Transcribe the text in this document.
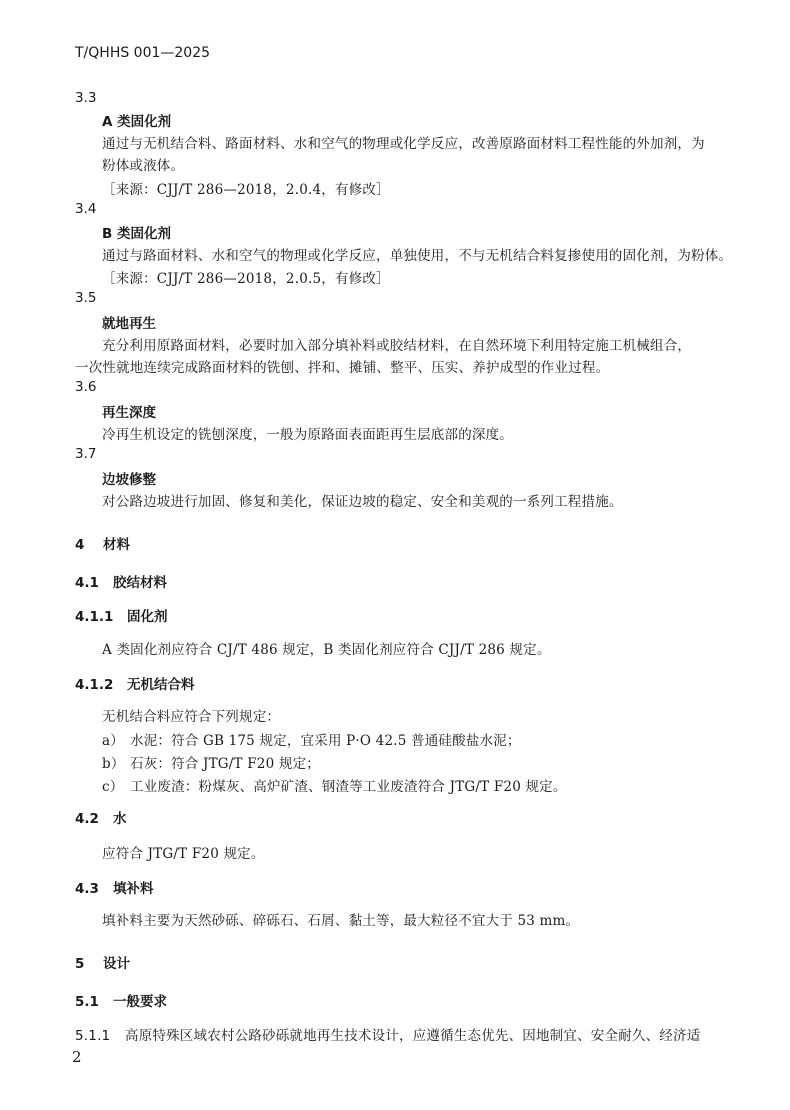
T/QHHS 001—2025
3.3
A 类固化剂
通过与无机结合料、路面材料、水和空气的物理或化学反应，改善原路面材料工程性能的外加剂，为
粉体或液体。
［来源：CJJ/T 286—2018，2.0.4，有修改］
3.4
B 类固化剂
通过与路面材料、水和空气的物理或化学反应，单独使用，不与无机结合料复掺使用的固化剂，为粉体。
［来源：CJJ/T 286—2018，2.0.5，有修改］
3.5
就地再生
充分利用原路面材料，必要时加入部分填补料或胶结材料，在自然环境下利用特定施工机械组合，
一次性就地连续完成路面材料的铣刨、拌和、摊铺、整平、压实、养护成型的作业过程。
3.6
再生深度
冷再生机设定的铣刨深度，一般为原路面表面距再生层底部的深度。
3.7
边坡修整
对公路边坡进行加固、修复和美化，保证边坡的稳定、安全和美观的一系列工程措施。
4 材料
4.1 胶结材料
4.1.1 固化剂
A 类固化剂应符合 CJ/T 486 规定，B 类固化剂应符合 CJJ/T 286 规定。
4.1.2 无机结合料
无机结合料应符合下列规定：
a） 水泥：符合 GB 175 规定，宜采用 P·O 42.5 普通硅酸盐水泥；
b） 石灰：符合 JTG/T F20 规定；
c） 工业废渣：粉煤灰、高炉矿渣、钢渣等工业废渣符合 JTG/T F20 规定。
4.2 水
应符合 JTG/T F20 规定。
4.3 填补料
填补料主要为天然砂砾、碎砾石、石屑、黏土等，最大粒径不宜大于 53 mm。
5 设计
5.1 一般要求
5.1.1 高原特殊区域农村公路砂砾就地再生技术设计，应遵循生态优先、因地制宜、安全耐久、经济适
2
